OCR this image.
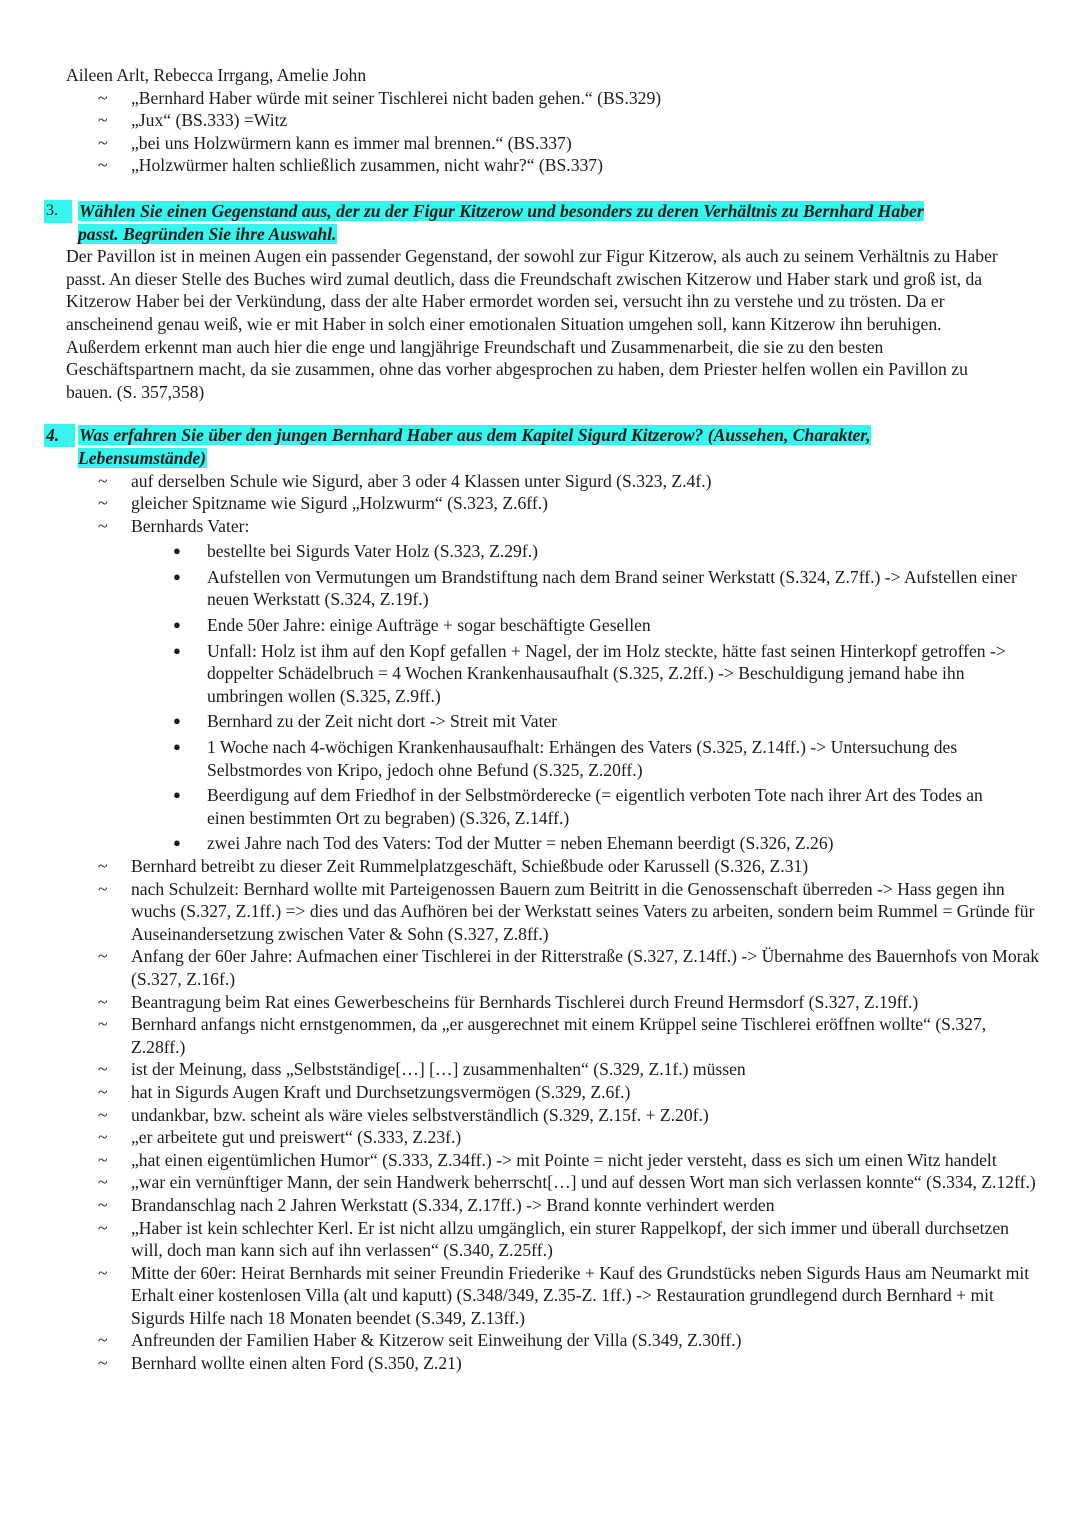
Aileen Arlt, Rebecca Irrgang, Amelie John
~ „Bernhard Haber würde mit seiner Tischlerei nicht baden gehen.“ (BS.329)
~ „Jux“ (BS.333) =Witz
~ „bei uns Holzwürmern kann es immer mal brennen.“ (BS.337)
~ „Holzwürmer halten schließlich zusammen, nicht wahr?“ (BS.337)
3.	Wählen Sie einen Gegenstand aus, der zu der Figur Kitzerow und besonders zu deren Verhältnis zu Bernhard Haber passt. Begründen Sie ihre Auswahl.
Der Pavillon ist in meinen Augen ein passender Gegenstand, der sowohl zur Figur Kitzerow, als auch zu seinem Verhältnis zu Haber passt. An dieser Stelle des Buches wird zumal deutlich, dass die Freundschaft zwischen Kitzerow und Haber stark und groß ist, da Kitzerow Haber bei der Verkündung, dass der alte Haber ermordet worden sei, versucht ihn zu verstehe und zu trösten. Da er anscheinend genau weiß, wie er mit Haber in solch einer emotionalen Situation umgehen soll, kann Kitzerow ihn beruhigen. Außerdem erkennt man auch hier die enge und langjährige Freundschaft und Zusammenarbeit, die sie zu den besten Geschäftspartnern macht, da sie zusammen, ohne das vorher abgesprochen zu haben, dem Priester helfen wollen ein Pavillon zu bauen. (S. 357,358)
4.	Was erfahren Sie über den jungen Bernhard Haber aus dem Kapitel Sigurd Kitzerow? (Aussehen, Charakter, Lebensumstände)
~ auf derselben Schule wie Sigurd, aber 3 oder 4 Klassen unter Sigurd (S.323, Z.4f.)
~ gleicher Spitzname wie Sigurd „Holzwurm“ (S.323, Z.6ff.)
~ Bernhards Vater:
● bestellte bei Sigurds Vater Holz (S.323, Z.29f.)
● Aufstellen von Vermutungen um Brandstiftung nach dem Brand seiner Werkstatt (S.324, Z.7ff.) -> Aufstellen einer neuen Werkstatt (S.324, Z.19f.)
● Ende 50er Jahre: einige Aufträge + sogar beschäftigte Gesellen
● Unfall: Holz ist ihm auf den Kopf gefallen + Nagel, der im Holz steckte, hätte fast seinen Hinterkopf getroffen -> doppelter Schädelbruch = 4 Wochen Krankenhausaufhalt (S.325, Z.2ff.) -> Beschuldigung jemand habe ihn umbringen wollen (S.325, Z.9ff.)
● Bernhard zu der Zeit nicht dort -> Streit mit Vater
● 1 Woche nach 4-wöchigen Krankenhausaufhalt: Erhängen des Vaters (S.325, Z.14ff.) -> Untersuchung des Selbstmordes von Kripo, jedoch ohne Befund (S.325, Z.20ff.)
● Beerdigung auf dem Friedhof in der Selbstmörderecke (= eigentlich verboten Tote nach ihrer Art des Todes an einen bestimmten Ort zu begraben) (S.326, Z.14ff.)
● zwei Jahre nach Tod des Vaters: Tod der Mutter = neben Ehemann beerdigt (S.326, Z.26)
~ Bernhard betreibt zu dieser Zeit Rummelplatzgeschäft, Schießbude oder Karussell (S.326, Z.31)
~ nach Schulzeit: Bernhard wollte mit Parteigenossen Bauern zum Beitritt in die Genossenschaft überreden -> Hass gegen ihn wuchs (S.327, Z.1ff.) => dies und das Aufhören bei der Werkstatt seines Vaters zu arbeiten, sondern beim Rummel = Gründe für Auseinandersetzung zwischen Vater & Sohn (S.327, Z.8ff.)
~ Anfang der 60er Jahre: Aufmachen einer Tischlerei in der Ritterstraße (S.327, Z.14ff.) -> Übernahme des Bauernhofs von Morak (S.327, Z.16f.)
~ Beantragung beim Rat eines Gewerbescheins für Bernhards Tischlerei durch Freund Hermsdorf (S.327, Z.19ff.)
~ Bernhard anfangs nicht ernstgenommen, da „er ausgerechnet mit einem Krüppel seine Tischlerei eröffnen wollte“ (S.327, Z.28ff.)
~ ist der Meinung, dass „Selbstständige[…] […] zusammenhalten“ (S.329, Z.1f.) müssen
~ hat in Sigurds Augen Kraft und Durchsetzungsvermögen (S.329, Z.6f.)
~ undankbar, bzw. scheint als wäre vieles selbstverständlich (S.329, Z.15f. + Z.20f.)
~ „er arbeitete gut und preiswert“ (S.333, Z.23f.)
~ „hat einen eigentümlichen Humor“ (S.333, Z.34ff.) -> mit Pointe = nicht jeder versteht, dass es sich um einen Witz handelt
~ „war ein vernünftiger Mann, der sein Handwerk beherrscht[…] und auf dessen Wort man sich verlassen konnte“ (S.334, Z.12ff.)
~ Brandanschlag nach 2 Jahren Werkstatt (S.334, Z.17ff.) -> Brand konnte verhindert werden
~ „Haber ist kein schlechter Kerl. Er ist nicht allzu umgänglich, ein sturer Rappelkopf, der sich immer und überall durchsetzen will, doch man kann sich auf ihn verlassen“ (S.340, Z.25ff.)
~ Mitte der 60er: Heirat Bernhards mit seiner Freundin Friederike + Kauf des Grundstücks neben Sigurds Haus am Neumarkt mit Erhalt einer kostenlosen Villa (alt und kaputt) (S.348/349, Z.35-Z. 1ff.) -> Restauration grundlegend durch Bernhard + mit Sigurds Hilfe nach 18 Monaten beendet (S.349, Z.13ff.)
~ Anfreunden der Familien Haber & Kitzerow seit Einweihung der Villa (S.349, Z.30ff.)
~ Bernhard wollte einen alten Ford (S.350, Z.21)
